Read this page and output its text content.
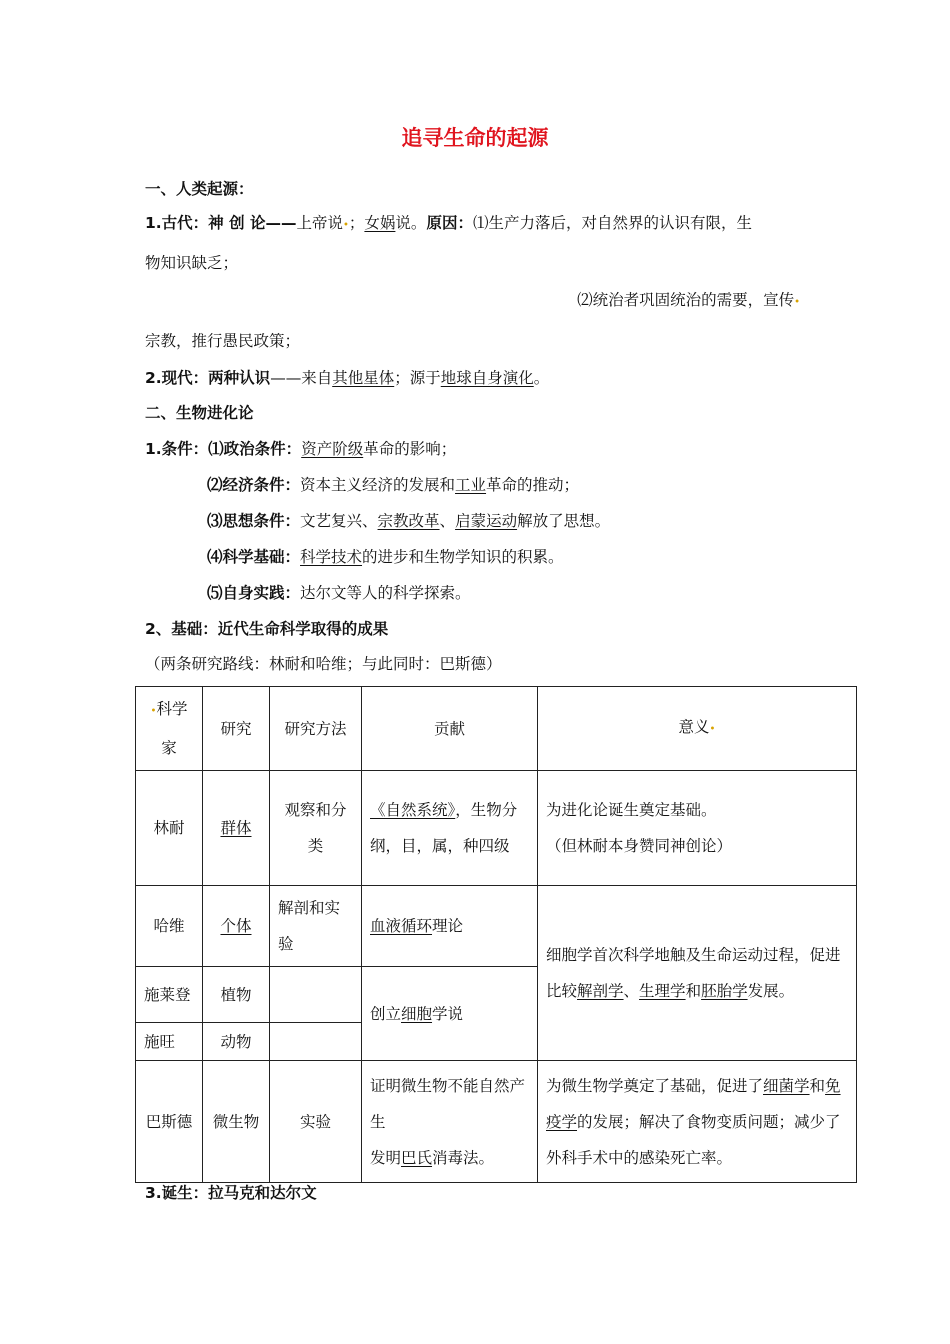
追寻生命的起源
一、人类起源：
1.古代：神 创 论——上帝说•；女娲说。原因：⑴生产力落后，对自然界的认识有限，生
物知识缺乏；
⑵统治者巩固统治的需要，宣传•
宗教，推行愚民政策；
2.现代：两种认识——来自其他星体；源于地球自身演化。
二、生物进化论
1.条件：⑴政治条件：资产阶级革命的影响；
⑵经济条件：资本主义经济的发展和工业革命的推动；
⑶思想条件：文艺复兴、宗教改革、启蒙运动解放了思想。
⑷科学基础：科学技术的进步和生物学知识的积累。
⑸自身实践：达尔文等人的科学探索。
2、基础：近代生命科学取得的成果
（两条研究路线：林耐和哈维；与此同时：巴斯德）
•科学家	研究	研究方法	贡献	意义•
林耐	群体	观察和分类	《自然系统》，生物分纲，目，属，种四级	为进化论诞生奠定基础。
（但林耐本身赞同神创论）
哈维	个体	解剖和实验	血液循环理论	细胞学首次科学地触及生命运动过程，促进比较解剖学、生理学和胚胎学发展。
施莱登	植物		创立细胞学说	
施旺	动物			
巴斯德	微生物	实验	证明微生物不能自然产生
发明巴氏消毒法。	为微生物学奠定了基础，促进了细菌学和免疫学的发展；解决了食物变质问题；减少了外科手术中的感染死亡率。
3.诞生：拉马克和达尔文
